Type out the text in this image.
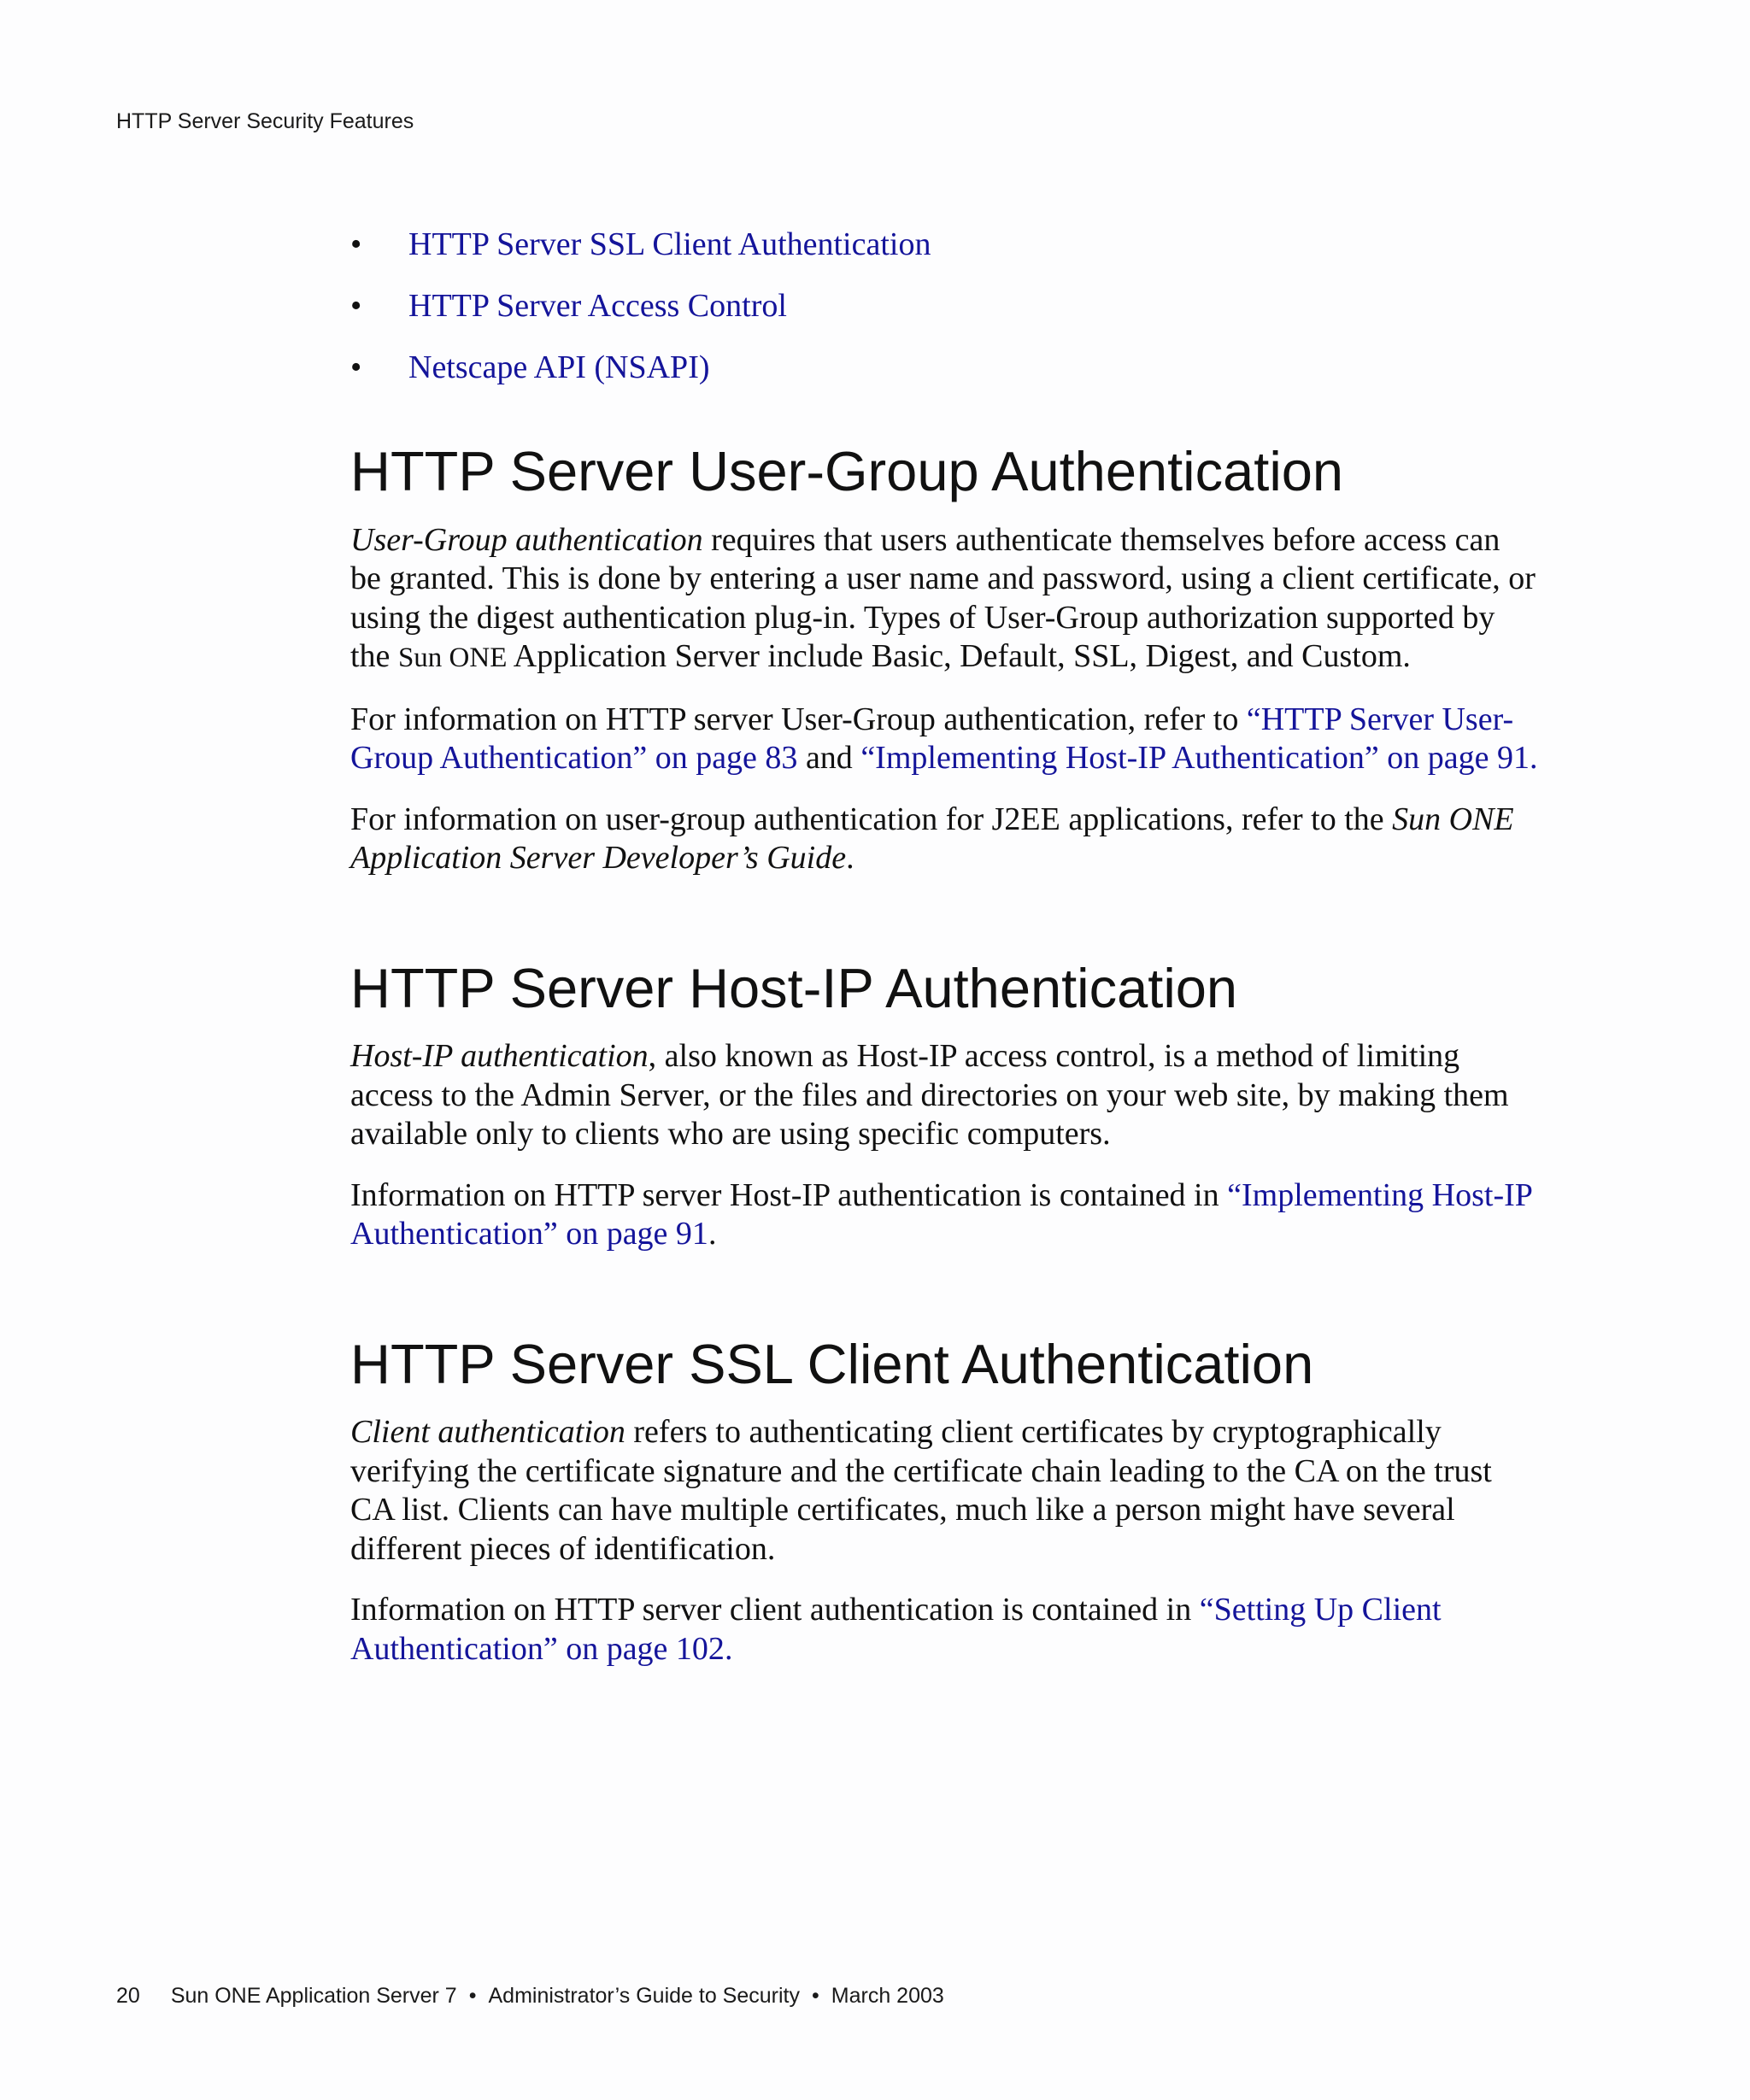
HTTP Server Security Features
• HTTP Server SSL Client Authentication
• HTTP Server Access Control
• Netscape API (NSAPI)
HTTP Server User-Group Authentication

User-Group authentication requires that users authenticate themselves before access can be granted. This is done by entering a user name and password, using a client certificate, or using the digest authentication plug-in. Types of User-Group authorization supported by the Sun ONE Application Server include Basic, Default, SSL, Digest, and Custom.

For information on HTTP server User-Group authentication, refer to “HTTP Server User-Group Authentication” on page 83 and “Implementing Host-IP Authentication” on page 91.

For information on user-group authentication for J2EE applications, refer to the Sun ONE Application Server Developer’s Guide.

HTTP Server Host-IP Authentication

Host-IP authentication, also known as Host-IP access control, is a method of limiting access to the Admin Server, or the files and directories on your web site, by making them available only to clients who are using specific computers.

Information on HTTP server Host-IP authentication is contained in “Implementing Host-IP Authentication” on page 91.

HTTP Server SSL Client Authentication

Client authentication refers to authenticating client certificates by cryptographically verifying the certificate signature and the certificate chain leading to the CA on the trust CA list. Clients can have multiple certificates, much like a person might have several different pieces of identification.

Information on HTTP server client authentication is contained in “Setting Up Client Authentication” on page 102.

20 Sun ONE Application Server 7 • Administrator’s Guide to Security • March 2003
